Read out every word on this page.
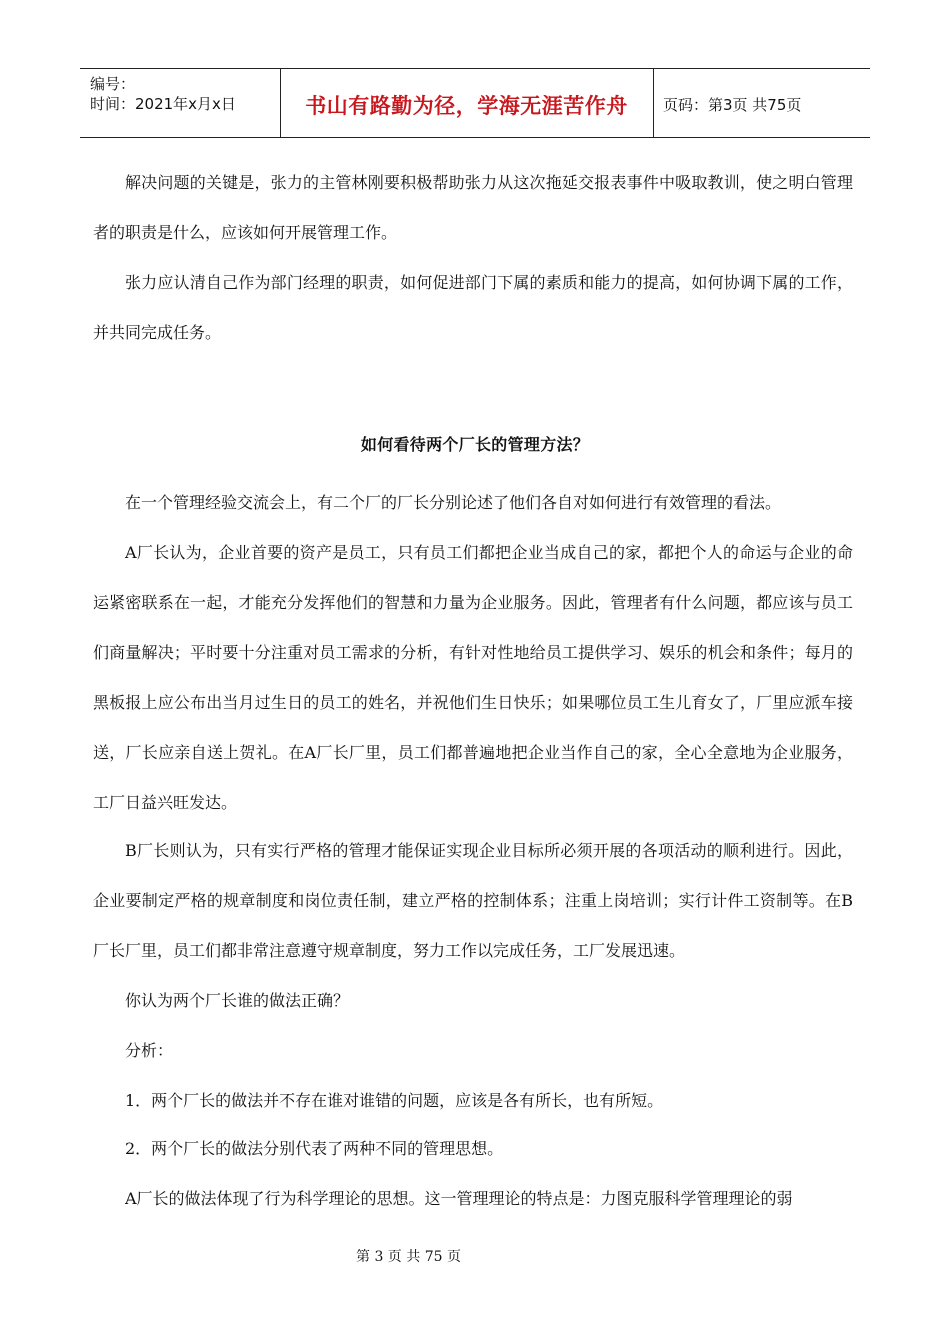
编号：
时间：2021年x月x日	书山有路勤为径，学海无涯苦作舟	页码：第3页 共75页

解决问题的关键是，张力的主管林刚要积极帮助张力从这次拖延交报表事件中吸取教训，使之明白管理者的职责是什么，应该如何开展管理工作。

张力应认清自己作为部门经理的职责，如何促进部门下属的素质和能力的提高，如何协调下属的工作，并共同完成任务。

如何看待两个厂长的管理方法？

在一个管理经验交流会上，有二个厂的厂长分别论述了他们各自对如何进行有效管理的看法。

A厂长认为，企业首要的资产是员工，只有员工们都把企业当成自己的家，都把个人的命运与企业的命运紧密联系在一起，才能充分发挥他们的智慧和力量为企业服务。因此，管理者有什么问题，都应该与员工们商量解决；平时要十分注重对员工需求的分析，有针对性地给员工提供学习、娱乐的机会和条件；每月的黑板报上应公布出当月过生日的员工的姓名，并祝他们生日快乐；如果哪位员工生儿育女了，厂里应派车接送，厂长应亲自送上贺礼。在A厂长厂里，员工们都普遍地把企业当作自己的家，全心全意地为企业服务，工厂日益兴旺发达。

B厂长则认为，只有实行严格的管理才能保证实现企业目标所必须开展的各项活动的顺利进行。因此，企业要制定严格的规章制度和岗位责任制，建立严格的控制体系；注重上岗培训；实行计件工资制等。在B厂长厂里，员工们都非常注意遵守规章制度，努力工作以完成任务，工厂发展迅速。

你认为两个厂长谁的做法正确？

分析：

1．两个厂长的做法并不存在谁对谁错的问题，应该是各有所长，也有所短。

2．两个厂长的做法分别代表了两种不同的管理思想。

A厂长的做法体现了行为科学理论的思想。这一管理理论的特点是：力图克服科学管理理论的弱

第 3 页 共 75 页
